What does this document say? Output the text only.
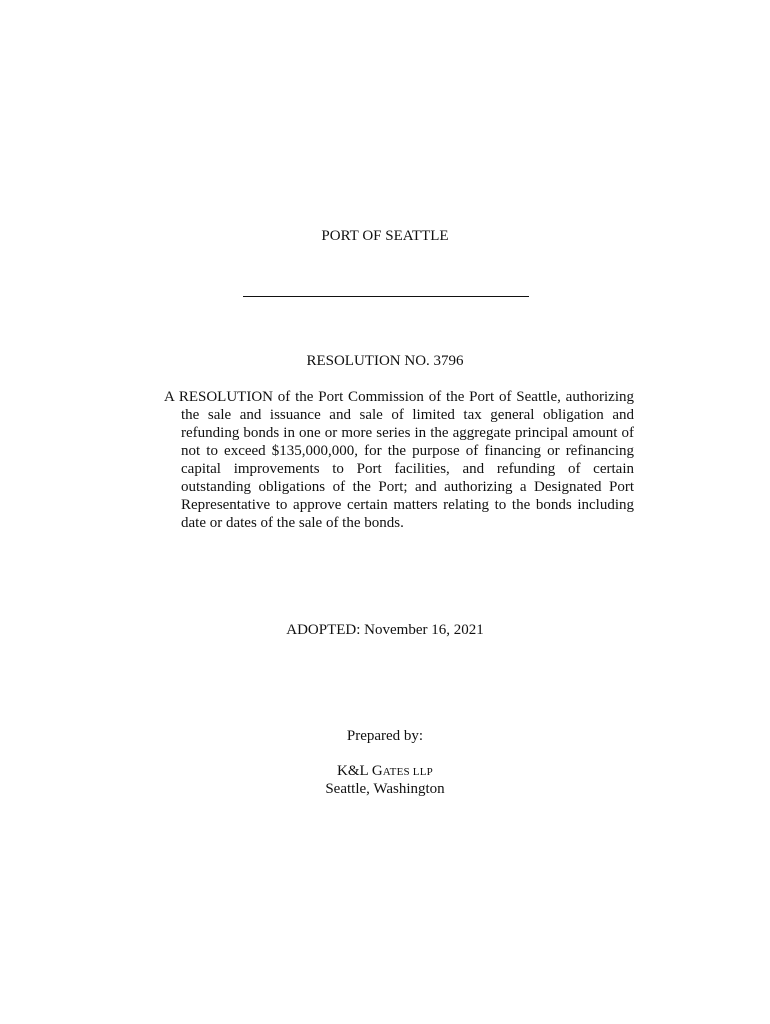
PORT OF SEATTLE
RESOLUTION NO. 3796
A RESOLUTION of the Port Commission of the Port of Seattle, authorizing the sale and issuance and sale of limited tax general obligation and refunding bonds in one or more series in the aggregate principal amount of not to exceed $135,000,000, for the purpose of financing or refinancing capital improvements to Port facilities, and refunding of certain outstanding obligations of the Port; and authorizing a Designated Port Representative to approve certain matters relating to the bonds including date or dates of the sale of the bonds.
ADOPTED: November 16, 2021
Prepared by:
K&L GATES LLP
Seattle, Washington
